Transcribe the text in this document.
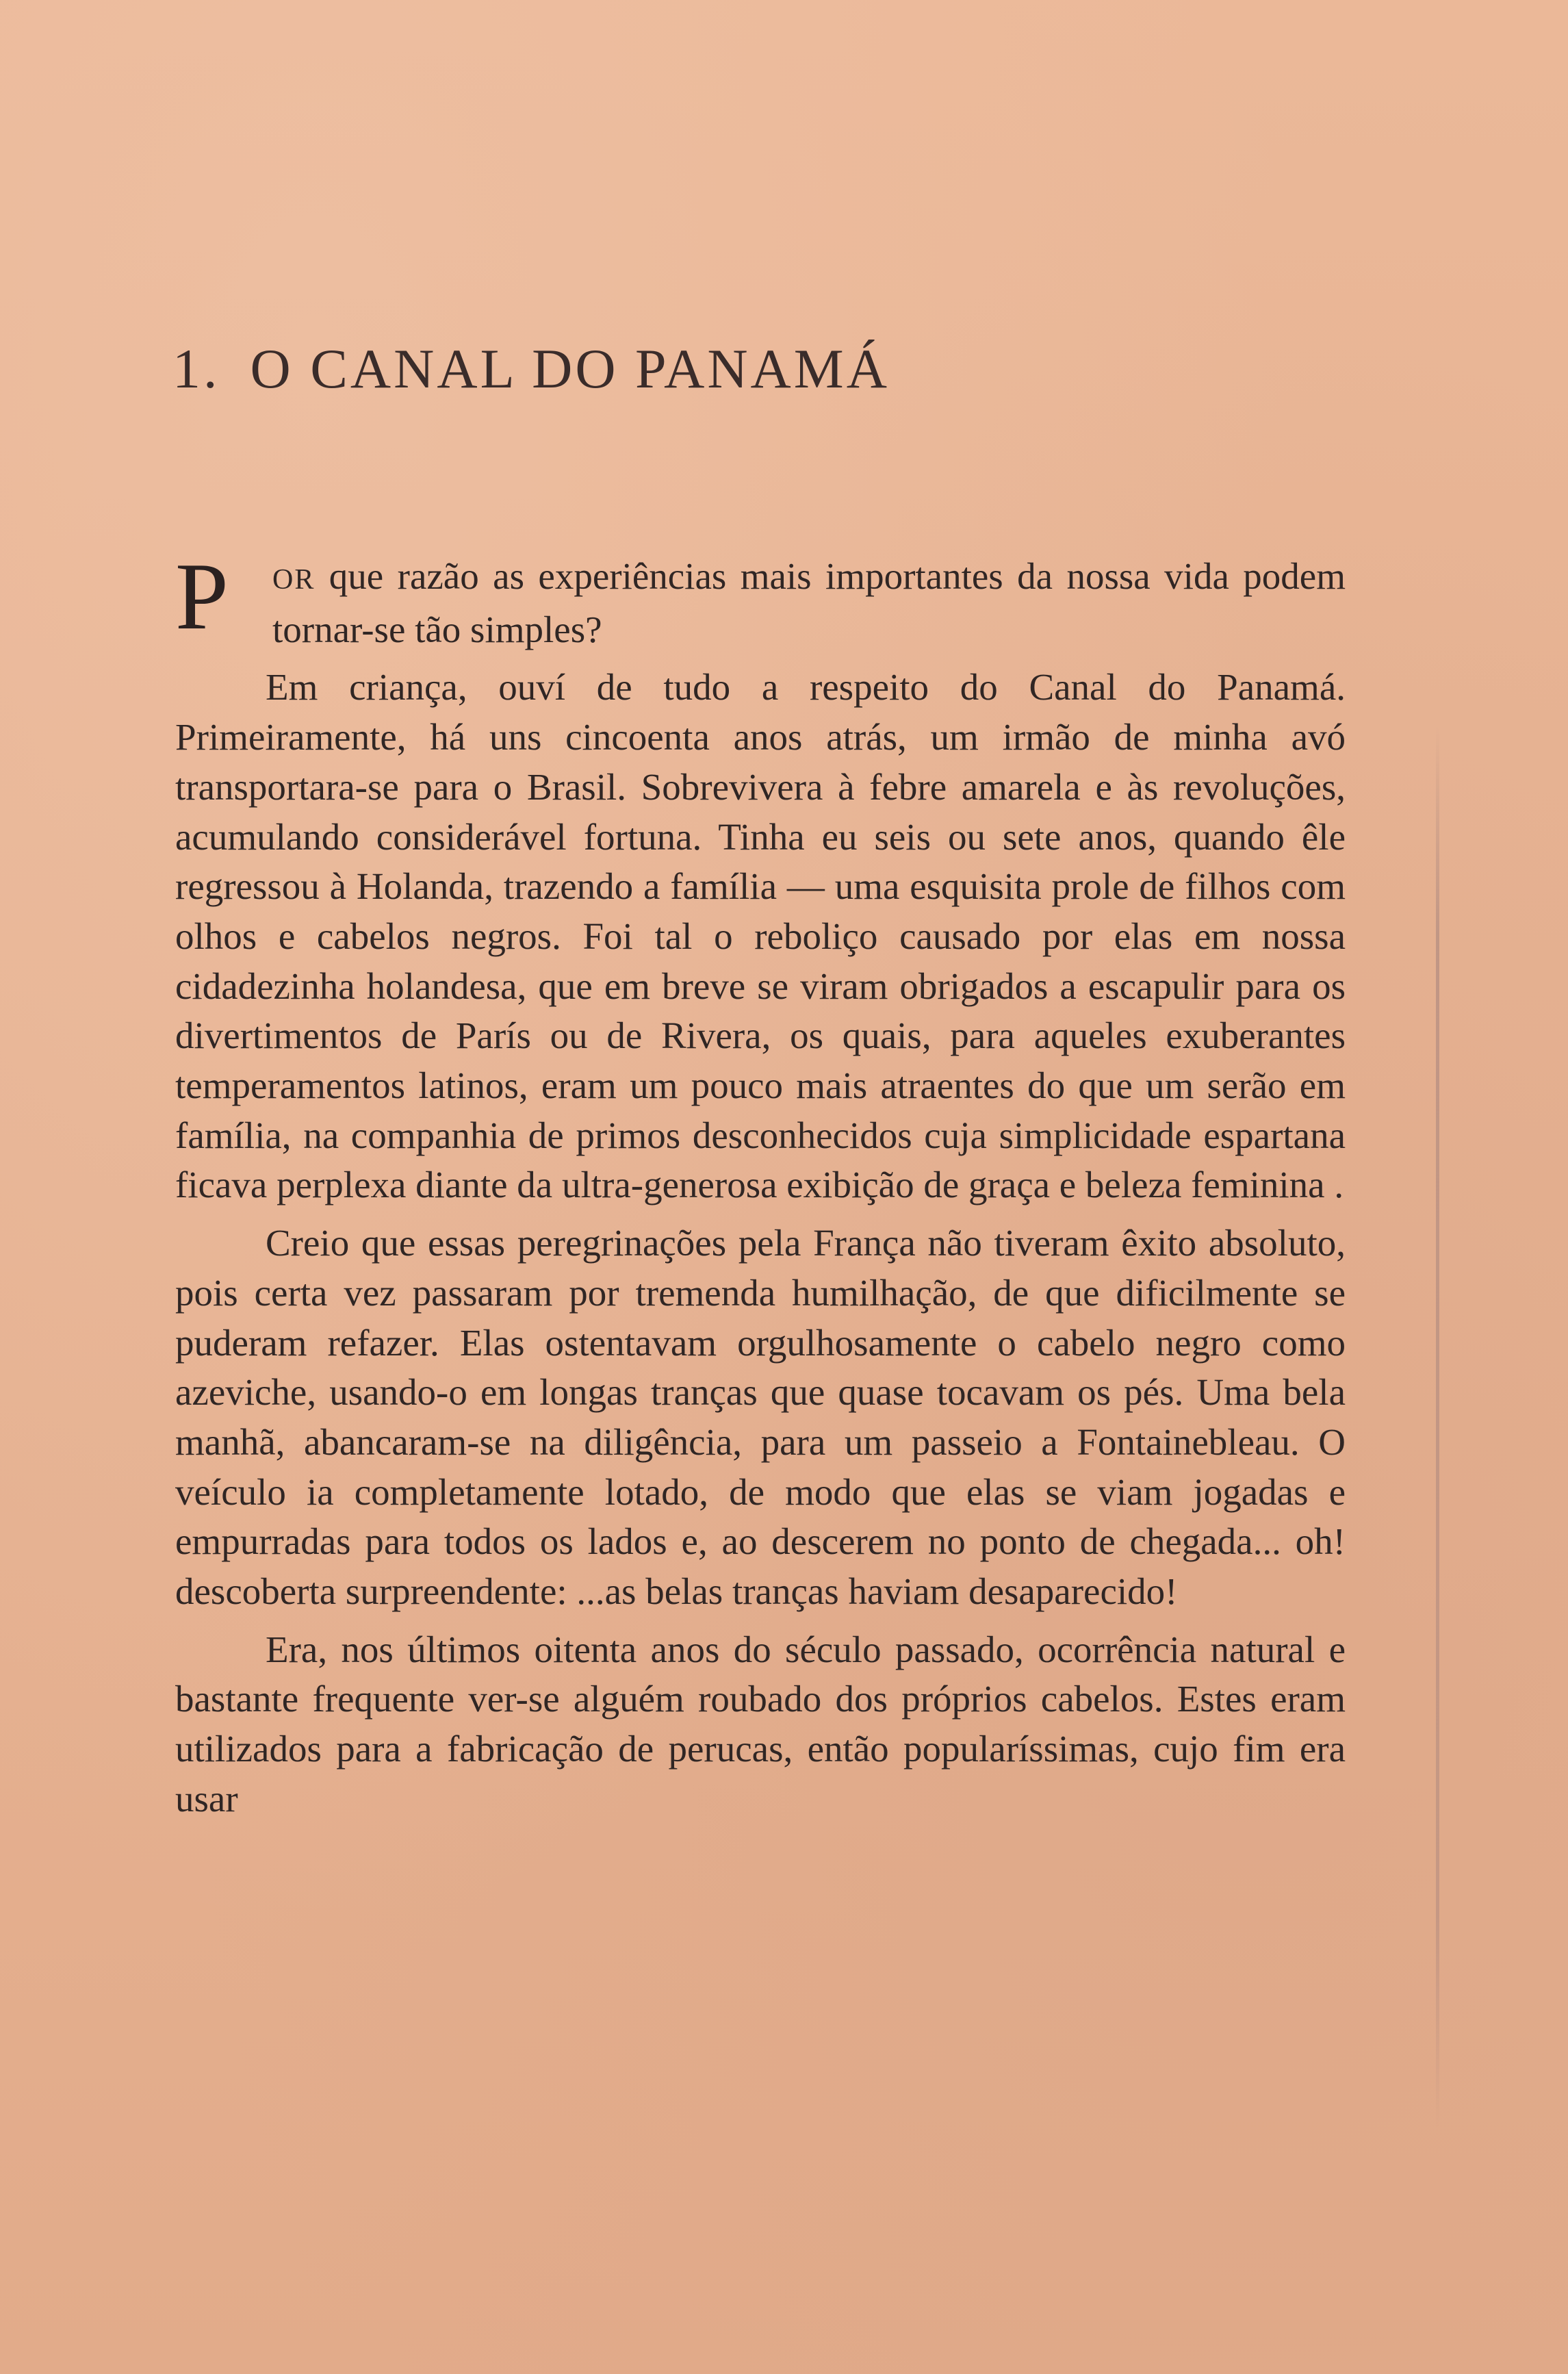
1. O CANAL DO PANAMÁ

P OR que razão as experiências mais importantes da nossa vida podem tornar-se tão simples?

Em criança, ouví de tudo a respeito do Canal do Panamá. Primeiramente, há uns cincoenta anos atrás, um irmão de minha avó transportara-se para o Brasil. Sobrevivera à febre amarela e às revoluções, acumulando considerável fortuna. Tinha eu seis ou sete anos, quando êle regressou à Holanda, trazendo a família — uma esquisita prole de filhos com olhos e cabelos negros. Foi tal o reboliço causado por elas em nossa cidadezinha holandesa, que em breve se viram obrigados a escapulir para os divertimentos de París ou de Rivera, os quais, para aqueles exuberantes temperamentos latinos, eram um pouco mais atraentes do que um serão em família, na companhia de primos desconhecidos cuja simplicidade espartana ficava perplexa diante da ultra-generosa exibição de graça e beleza feminina .

Creio que essas peregrinações pela França não tiveram êxito absoluto, pois certa vez passaram por tremenda humilhação, de que dificilmente se puderam refazer. Elas ostentavam orgulhosamente o cabelo negro como azeviche, usando-o em longas tranças que quase tocavam os pés. Uma bela manhã, abancaram-se na diligência, para um passeio a Fontainebleau. O veículo ia completamente lotado, de modo que elas se viam jogadas e empurradas para todos os lados e, ao descerem no ponto de chegada... oh! descoberta surpreendente: ...as belas tranças haviam desaparecido!

Era, nos últimos oitenta anos do século passado, ocorrência natural e bastante frequente ver-se alguém roubado dos próprios cabelos. Estes eram utilizados para a fabricação de perucas, então popularíssimas, cujo fim era usar
